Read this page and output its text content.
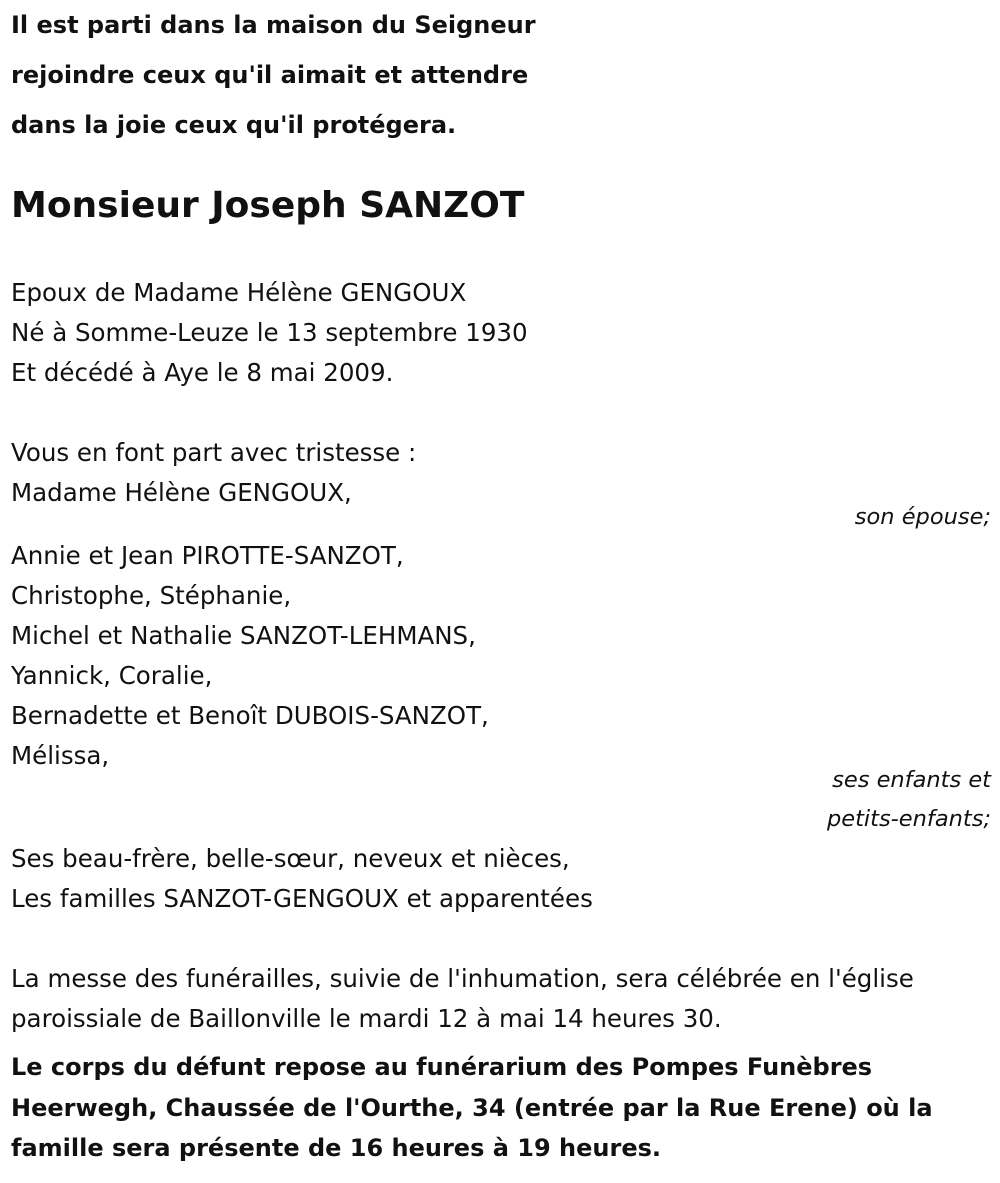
Il est parti dans la maison du Seigneur
rejoindre ceux qu'il aimait et attendre
dans la joie ceux qu'il protégera.
Monsieur Joseph SANZOT
Epoux de Madame Hélène GENGOUX
Né à Somme-Leuze le 13 septembre 1930
Et décédé à Aye le 8 mai 2009.
Vous en font part avec tristesse :
Madame Hélène GENGOUX,
son épouse;
Annie et Jean PIROTTE-SANZOT,
Christophe, Stéphanie,
Michel et Nathalie SANZOT-LEHMANS,
Yannick, Coralie,
Bernadette et Benoît DUBOIS-SANZOT,
Mélissa,
ses enfants et
petits-enfants;
Ses beau-frère, belle-sœur, neveux et nièces,
Les familles SANZOT-GENGOUX et apparentées
La messe des funérailles, suivie de l'inhumation, sera célébrée en l'église
paroissiale de Baillonville le mardi 12 à mai 14 heures 30.
Le corps du défunt repose au funérarium des Pompes Funèbres
Heerwegh, Chaussée de l'Ourthe, 34 (entrée par la Rue Erene) où la
famille sera présente de 16 heures à 19 heures.
